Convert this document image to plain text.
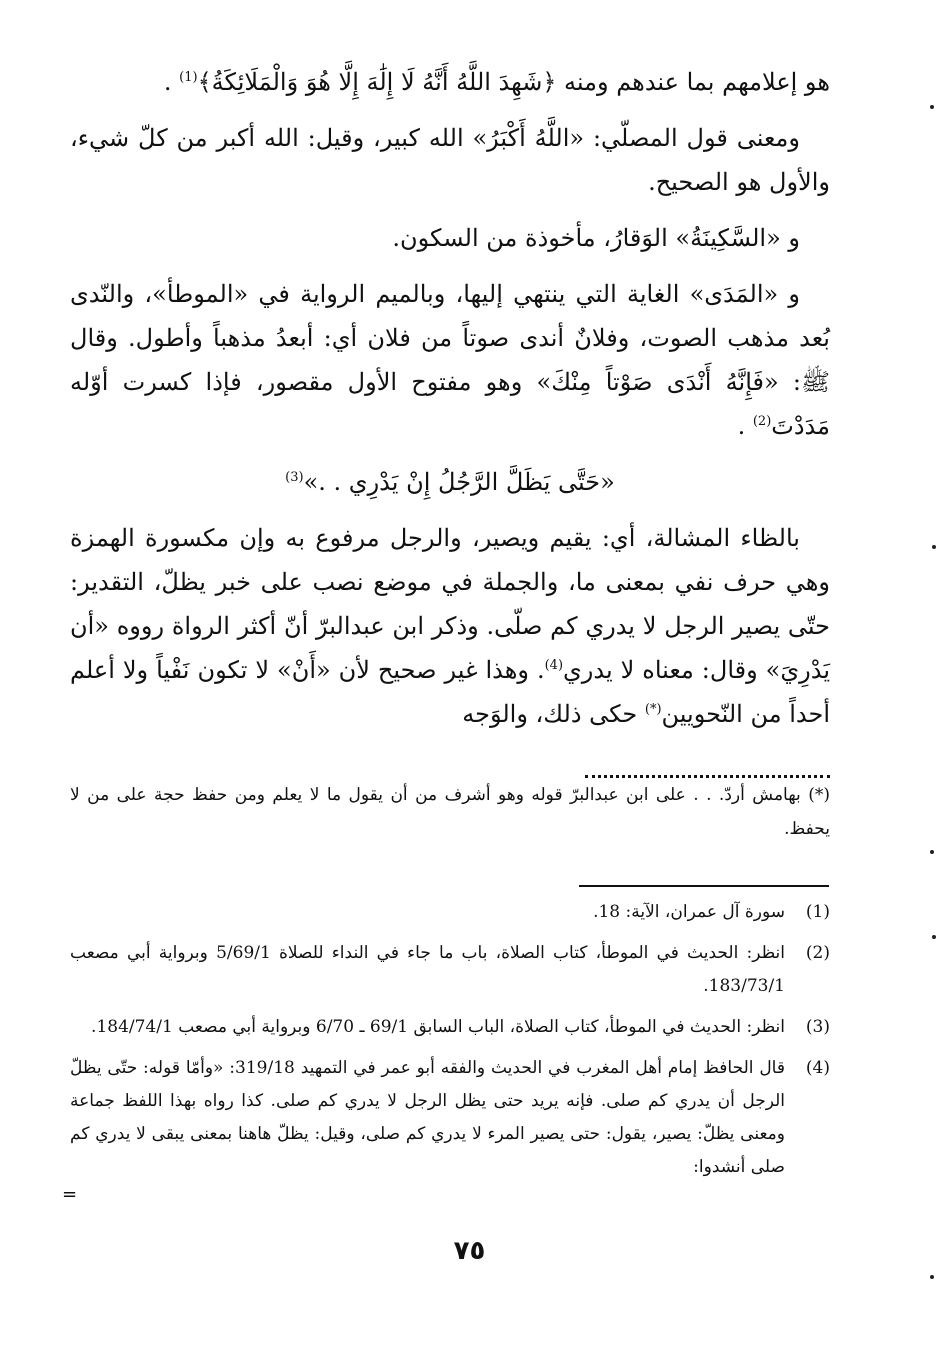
هو إعلامهم بما عندهم ومنه ﴿شَهِدَ اللَّهُ أَنَّهُ لَا إِلَٰهَ إِلَّا هُوَ وَالْمَلَائِكَةُ﴾$^{(1)}$ .

ومعنى قول المصلّي: «اللَّهُ أَكْبَرُ» الله كبير، وقيل: الله أكبر من كلّ شيء، والأول هو الصحيح.

و «السَّكِينَةُ» الوَقارُ، مأخوذة من السكون.

و «المَدَى» الغاية التي ينتهي إليها، وبالميم الرواية في «الموطأ»، والنّدى بُعد مذهب الصوت، وفلانٌ أندى صوتاً من فلان أي: أبعدُ مذهباً وأطول. وقال ﷺ: «فَإِنَّهُ أَنْدَى صَوْتاً مِنْكَ» وهو مفتوح الأول مقصور، فإذا كسرت أوّله مَدَدْتَ$^{(2)}$ .

«حَتَّى يَظَلَّ الرَّجُلُ إِنْ يَدْرِي . .»$^{(3)}$

بالظاء المشالة، أي: يقيم ويصير، والرجل مرفوع به وإن مكسورة الهمزة وهي حرف نفي بمعنى ما، والجملة في موضع نصب على خبر يظلّ، التقدير: حتّى يصير الرجل لا يدري كم صلّى. وذكر ابن عبدالبرّ أنّ أكثر الرواة رووه «أن يَدْرِيَ» وقال: معناه لا يدري$^{(4)}$. وهذا غير صحيح لأن «أَنْ» لا تكون نَفْياً ولا أعلم أحداً من النّحويين(*) حكى ذلك، والوَجه

(*) بهامش أردّ. . . على ابن عبدالبرّ قوله وهو أشرف من أن يقول ما لا يعلم ومن حفظ حجة على من لا يحفظ.
(1)
سورة آل عمران، الآية: 18.
(2)
انظر: الحديث في الموطأ، كتاب الصلاة، باب ما جاء في النداء للصلاة 5/69/1 وبرواية أبي مصعب 183/73/1.
(3)
انظر: الحديث في الموطأ، كتاب الصلاة، الباب السابق 69/1 ـ 6/70 وبرواية أبي مصعب 184/74/1.
(4)
قال الحافظ إمام أهل المغرب في الحديث والفقه أبو عمر في التمهيد 319/18: «وأمّا قوله: حتّى يظلّ الرجل أن يدري كم صلى. فإنه يريد حتى يظل الرجل لا يدري كم صلى. كذا رواه بهذا اللفظ جماعة ومعنى يظلّ: يصير، يقول: حتى يصير المرء لا يدري كم صلى، وقيل: يظلّ هاهنا بمعنى يبقى لا يدري كم صلى أنشدوا:
=
٧٥
